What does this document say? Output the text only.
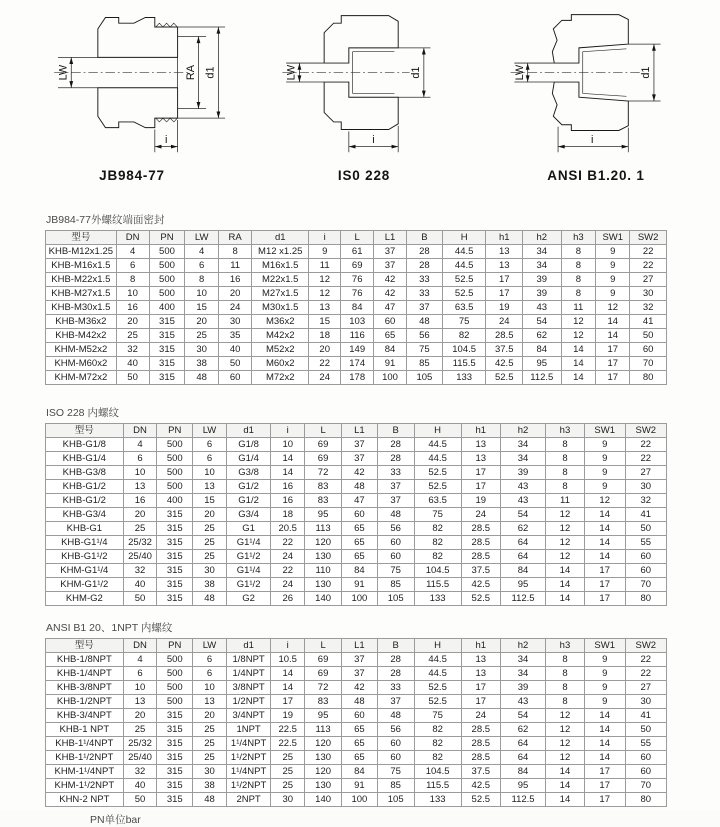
LW	RA d1
i
JB984-77
LW	d1
i
IS0 228
LW	d1
i
ANSI B1.20. 1
JB984-77外螺纹端面密封
型号	DN	PN	LW	RA	d1	i	L	L1	B	H	h1	h2	h3	SW1	SW2
KHB-M12x1.25	4	500	4	8	M12 x1.25	9	61	37	28	44.5	13	34	8	9	22
KHB-M16x1.5	6	500	6	11	M16x1.5	11	69	37	28	44.5	13	34	8	9	22
KHB-M22x1.5	8	500	8	16	M22x1.5	12	76	42	33	52.5	17	39	8	9	27
KHB-M27x1.5	10	500	10	20	M27x1.5	12	76	42	33	52.5	17	39	8	9	30
KHB-M30x1.5	16	400	15	24	M30x1.5	13	84	47	37	63.5	19	43	11	12	32
KHB-M36x2	20	315	20	30	M36x2	15	103	60	48	75	24	54	12	14	41
KHB-M42x2	25	315	25	35	M42x2	18	116	65	56	82	28.5	62	12	14	50
KHM-M52x2	32	315	30	40	M52x2	20	149	84	75	104.5	37.5	84	14	17	60
KHM-M60x2	40	315	38	50	M60x2	22	174	91	85	115.5	42.5	95	14	17	70
KHM-M72x2	50	315	48	60	M72x2	24	178	100	105	133	52.5	112.5	14	17	80
ISO 228 内螺纹
型号	DN	PN	LW	d1	i	L	L1	B	H	h1	h2	h3	SW1	SW2
KHB-G1/8	4	500	6	G1/8	10	69	37	28	44.5	13	34	8	9	22
KHB-G1/4	6	500	6	G1/4	14	69	37	28	44.5	13	34	8	9	22
KHB-G3/8	10	500	10	G3/8	14	72	42	33	52.5	17	39	8	9	27
KHB-G1/2	13	500	13	G1/2	16	83	48	37	52.5	17	43	8	9	30
KHB-G1/2	16	400	15	G1/2	16	83	47	37	63.5	19	43	11	12	32
KHB-G3/4	20	315	20	G3/4	18	95	60	48	75	24	54	12	14	41
KHB-G1	25	315	25	G1	20.5	113	65	56	82	28.5	62	12	14	50
KHB-G1¹/4	25/32	315	25	G1¹/4	22	120	65	60	82	28.5	64	12	14	55
KHB-G1¹/2	25/40	315	25	G1¹/2	24	130	65	60	82	28.5	64	12	14	60
KHM-G1¹/4	32	315	30	G1¹/4	22	110	84	75	104.5	37.5	84	14	17	60
KHM-G1¹/2	40	315	38	G1¹/2	24	130	91	85	115.5	42.5	95	14	17	70
KHM-G2	50	315	48	G2	26	140	100	105	133	52.5	112.5	14	17	80
ANSI B1 20、1NPT 内螺纹
型号	DN	PN	LW	d1	i	L	L1	B	H	h1	h2	h3	SW1	SW2
KHB-1/8NPT	4	500	6	1/8NPT	10.5	69	37	28	44.5	13	34	8	9	22
KHB-1/4NPT	6	500	6	1/4NPT	14	69	37	28	44.5	13	34	8	9	22
KHB-3/8NPT	10	500	10	3/8NPT	14	72	42	33	52.5	17	39	8	9	27
KHB-1/2NPT	13	500	13	1/2NPT	17	83	48	37	52.5	17	43	8	9	30
KHB-3/4NPT	20	315	20	3/4NPT	19	95	60	48	75	24	54	12	14	41
KHB-1 NPT	25	315	25	1NPT	22.5	113	65	56	82	28.5	62	12	14	50
KHB-1¹/4NPT	25/32	315	25	1¹/4NPT	22.5	120	65	60	82	28.5	64	12	14	55
KHB-1¹/2NPT	25/40	315	25	1¹/2NPT	25	130	65	60	82	28.5	64	12	14	60
KHM-1¹/4NPT	32	315	30	1¹/4NPT	25	120	84	75	104.5	37.5	84	14	17	60
KHM-1¹/2NPT	40	315	38	1¹/2NPT	25	130	91	85	115.5	42.5	95	14	17	70
KHN-2 NPT	50	315	48	2NPT	30	140	100	105	133	52.5	112.5	14	17	80
PN单位bar
